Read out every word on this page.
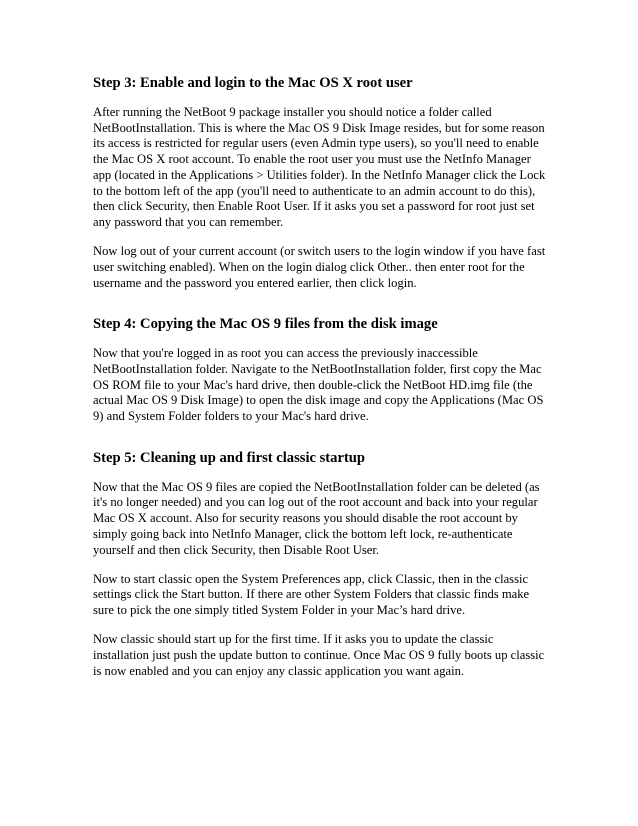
Step 3: Enable and login to the Mac OS X root user
After running the NetBoot 9 package installer you should notice a folder called
NetBootInstallation. This is where the Mac OS 9 Disk Image resides, but for some reason
its access is restricted for regular users (even Admin type users), so you'll need to enable
the Mac OS X root account. To enable the root user you must use the NetInfo Manager
app (located in the Applications > Utilities folder). In the NetInfo Manager click the Lock
to the bottom left of the app (you'll need to authenticate to an admin account to do this),
then click Security, then Enable Root User. If it asks you set a password for root just set
any password that you can remember.
Now log out of your current account (or switch users to the login window if you have fast
user switching enabled). When on the login dialog click Other.. then enter root for the
username and the password you entered earlier, then click login.
Step 4: Copying the Mac OS 9 files from the disk image
Now that you're logged in as root you can access the previously inaccessible
NetBootInstallation folder. Navigate to the NetBootInstallation folder, first copy the Mac
OS ROM file to your Mac's hard drive, then double-click the NetBoot HD.img file (the
actual Mac OS 9 Disk Image) to open the disk image and copy the Applications (Mac OS
9) and System Folder folders to your Mac's hard drive.
Step 5: Cleaning up and first classic startup
Now that the Mac OS 9 files are copied the NetBootInstallation folder can be deleted (as
it's no longer needed) and you can log out of the root account and back into your regular
Mac OS X account. Also for security reasons you should disable the root account by
simply going back into NetInfo Manager, click the bottom left lock, re-authenticate
yourself and then click Security, then Disable Root User.
Now to start classic open the System Preferences app, click Classic, then in the classic
settings click the Start button. If there are other System Folders that classic finds make
sure to pick the one simply titled System Folder in your Mac’s hard drive.
Now classic should start up for the first time. If it asks you to update the classic
installation just push the update button to continue. Once Mac OS 9 fully boots up classic
is now enabled and you can enjoy any classic application you want again.
